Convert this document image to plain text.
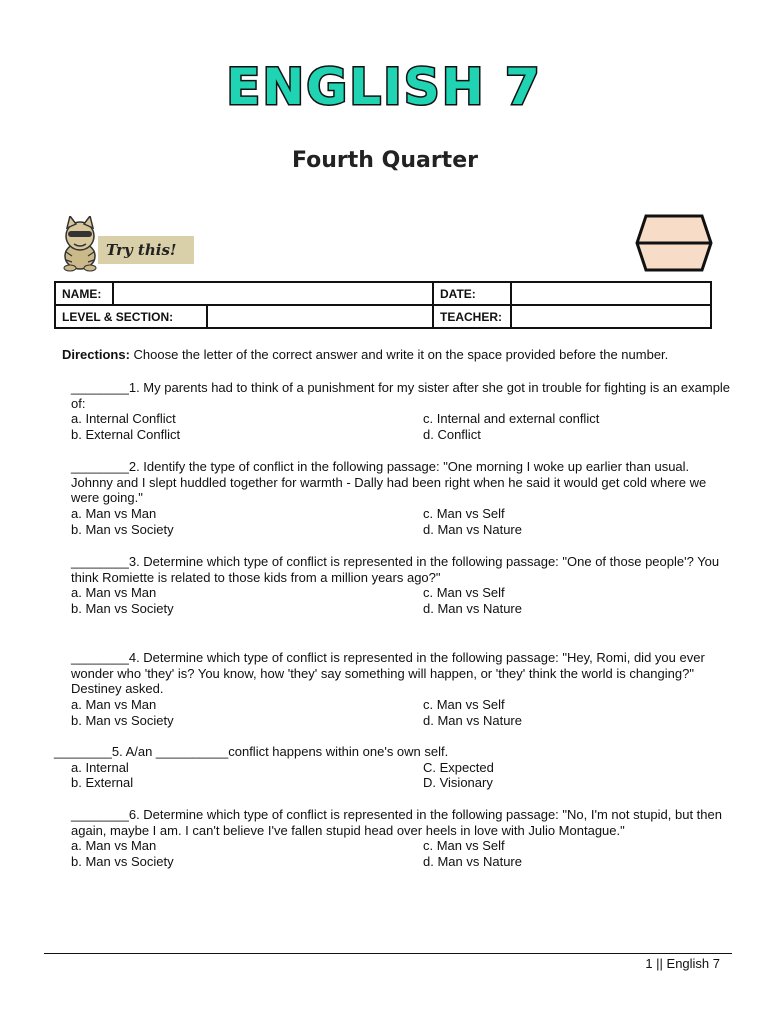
ENGLISH 7
Fourth Quarter
Try this!
NAME:			DATE:	
LEVEL & SECTION:			TEACHER:	
Directions: Choose the letter of the correct answer and write it on the space provided before the number.

________1. My parents had to think of a punishment for my sister after she got in trouble for fighting is an example of:

a. Internal Conflict	c. Internal and external conflict
b. External Conflict	d. Conflict

________2. Identify the type of conflict in the following passage: "One morning I woke up earlier than usual. Johnny and I slept huddled together for warmth - Dally had been right when he said it would get cold where we were going."

a. Man vs Man	c. Man vs Self
b. Man vs Society	d. Man vs Nature

________3. Determine which type of conflict is represented in the following passage: "One of those people'? You think Romiette is related to those kids from a million years ago?"

a. Man vs Man	c. Man vs Self
b. Man vs Society	d. Man vs Nature

________4. Determine which type of conflict is represented in the following passage: "Hey, Romi, did you ever wonder who 'they' is? You know, how 'they' say something will happen, or 'they' think the world is changing?" Destiney asked.

a. Man vs Man	c. Man vs Self
b. Man vs Society	d. Man vs Nature

________5. A/an __________conflict happens within one's own self.

a. Internal	C. Expected
b. External	D. Visionary

________6. Determine which type of conflict is represented in the following passage: "No, I'm not stupid, but then again, maybe I am. I can't believe I've fallen stupid head over heels in love with Julio Montague."

a. Man vs Man	c. Man vs Self
b. Man vs Society	d. Man vs Nature
1 || English 7
